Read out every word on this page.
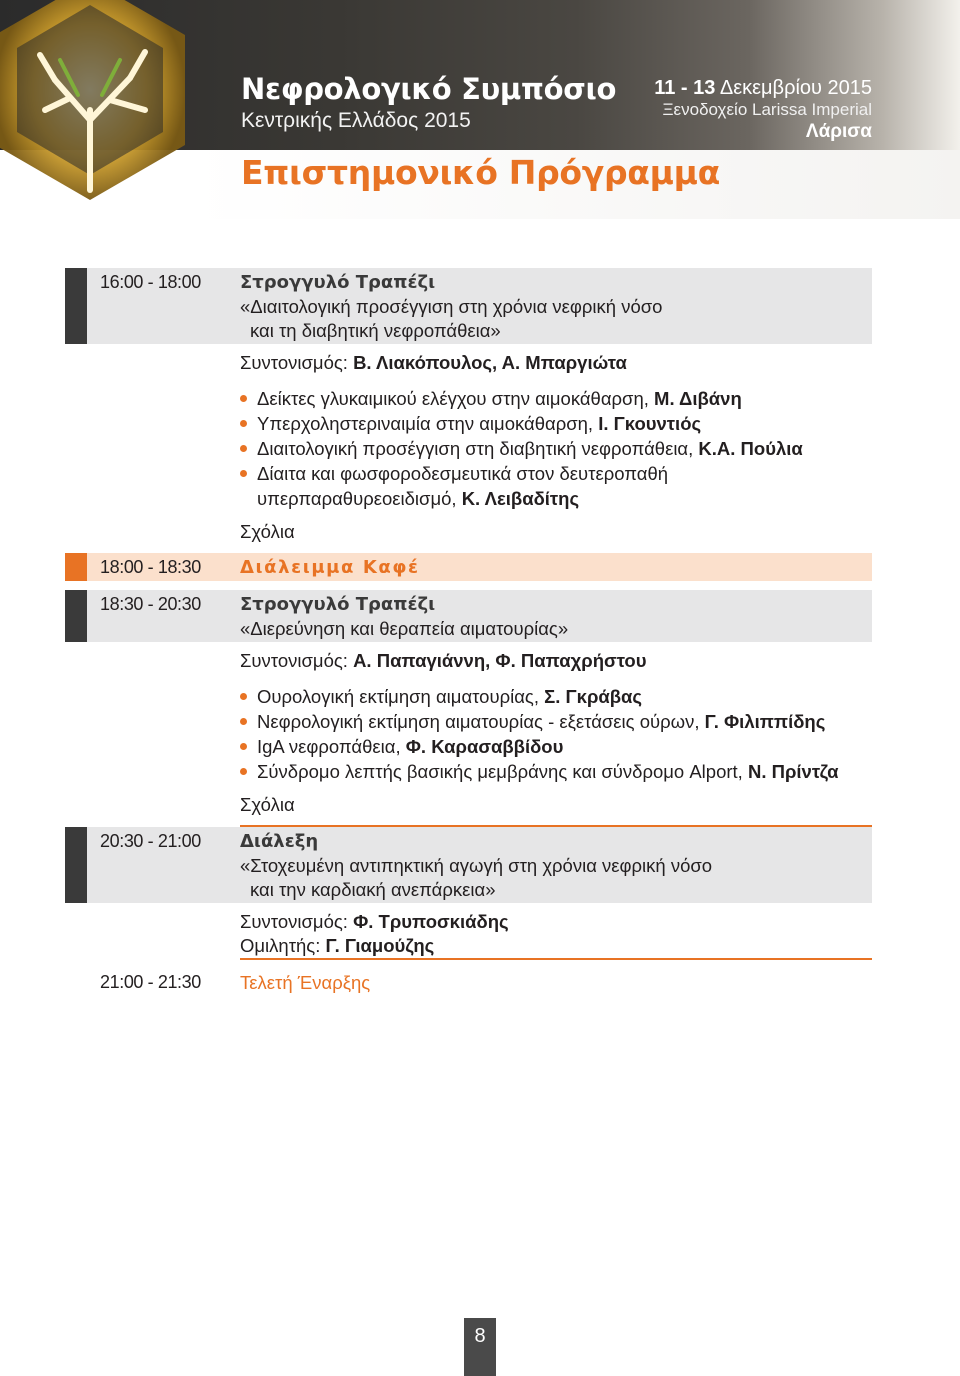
Νεφρολογικό Συμπόσιο
Κεντρικής Ελλάδος 2015
11 - 13 Δεκεμβρίου 2015
Ξενοδοχείο Larissa Imperial
Λάρισα
Επιστημονικό Πρόγραμμα
16:00 - 18:00 Στρογγυλό Τραπέζι
«Διαιτολογική προσέγγιση στη χρόνια νεφρική νόσο
και τη διαβητική νεφροπάθεια»
Συντονισμός: Β. Λιακόπουλος, Α. Μπαργιώτα
Δείκτες γλυκαιμικού ελέγχου στην αιμοκάθαρση, Μ. Διβάνη
Υπερχοληστεριναιμία στην αιμοκάθαρση, Ι. Γκουντιός
Διαιτολογική προσέγγιση στη διαβητική νεφροπάθεια, Κ.Α. Πούλια
Δίαιτα και φωσφοροδεσμευτικά στον δευτεροπαθή
υπερπαραθυρεοειδισμό, Κ. Λειβαδίτης
Σχόλια
18:00 - 18:30 Διάλειμμα Καφέ
18:30 - 20:30 Στρογγυλό Τραπέζι
«Διερεύνηση και θεραπεία αιματουρίας»
Συντονισμός: Α. Παπαγιάννη, Φ. Παπαχρήστου
Ουρολογική εκτίμηση αιματουρίας, Σ. Γκράβας
Νεφρολογική εκτίμηση αιματουρίας - εξετάσεις ούρων, Γ. Φιλιππίδης
IgA νεφροπάθεια, Φ. Καρασαββίδου
Σύνδρομο λεπτής βασικής μεμβράνης και σύνδρομο Alport, Ν. Πρίντζα
Σχόλια
20:30 - 21:00 Διάλεξη
«Στοχευμένη αντιπηκτική αγωγή στη χρόνια νεφρική νόσο
και την καρδιακή ανεπάρκεια»
Συντονισμός: Φ. Τρυποσκιάδης
Ομιλητής: Γ. Γιαμούζης
21:00 - 21:30 Τελετή Έναρξης
8
